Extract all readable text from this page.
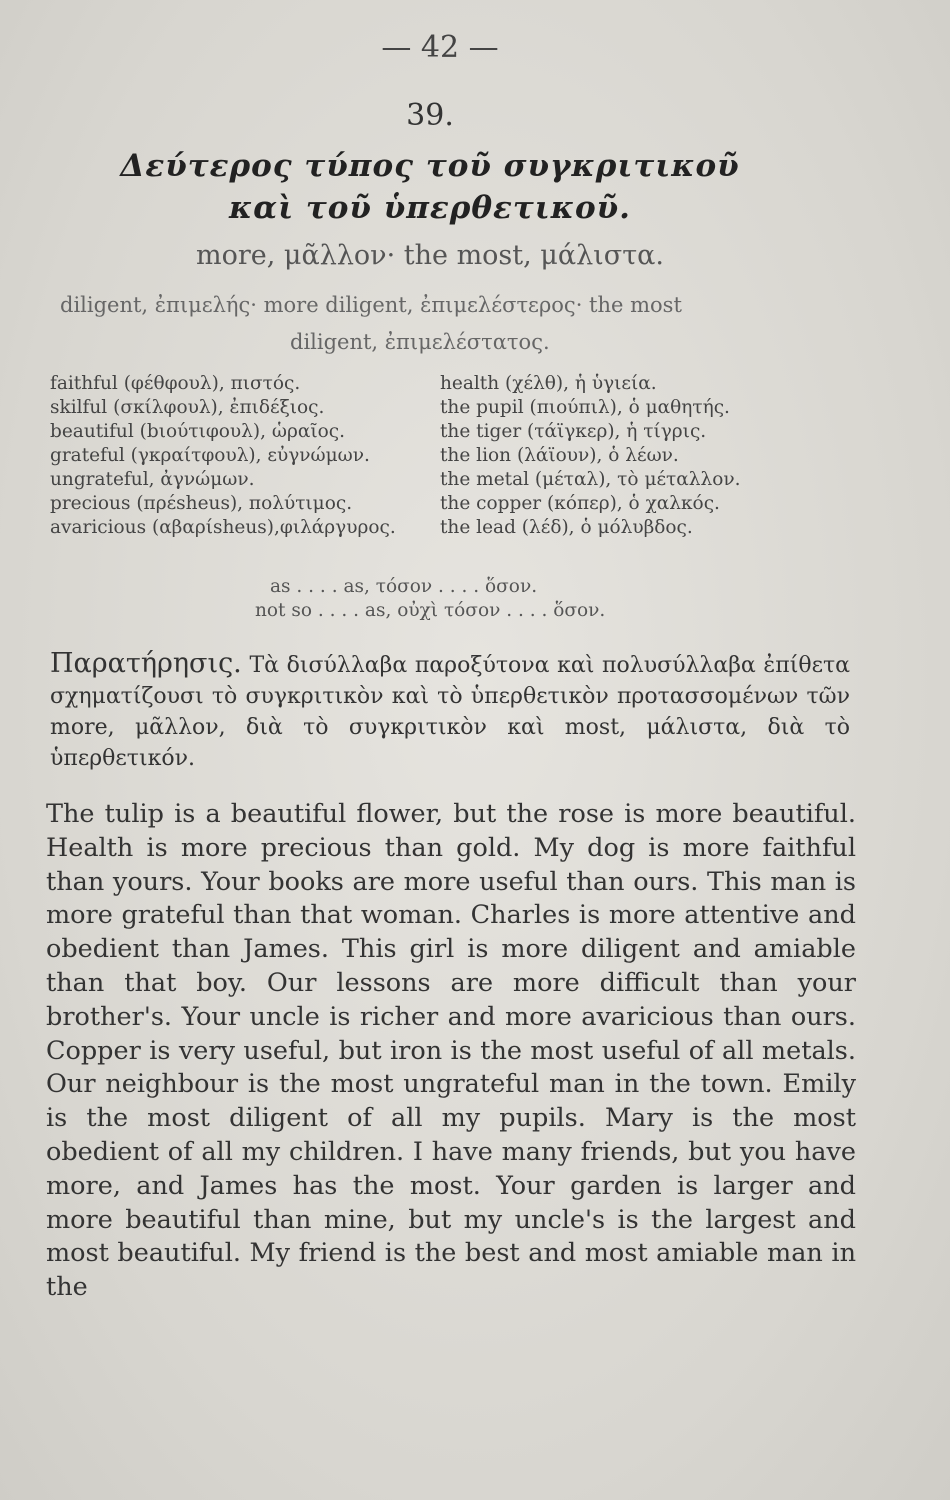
— 42 —
39.
Δεύτερος τύπος τοῦ συγκριτικοῦ
καὶ τοῦ ὑπερθετικοῦ.
more, μᾶλλον· the most, μάλιστα.
diligent, ἐπιμελής· more diligent, ἐπιμελέστερος· the most
diligent, ἐπιμελέστατος.
faithful (φέθφουλ), πιστός.
skilful (σκίλφουλ), ἐπιδέξιος.
beautiful (bιούτιφουλ), ὡραῖος.
grateful (γκραίτφουλ), εὐγνώμων.
ungrateful, ἀγνώμων.
precious (πρέsheus), πολύτιμος.
avaricious (αβαρίsheus),φιλάργυρος.
health (χέλθ), ἡ ὑγιεία.
the pupil (πιούπιλ), ὁ μαθητής.
the tiger (τάϊγκερ), ἡ τίγρις.
the lion (λάϊουν), ὁ λέων.
the metal (μέταλ), τὸ μέταλλον.
the copper (κόπερ), ὁ χαλκός.
the lead (λέδ), ὁ μόλυβδος.
as . . . . as, τόσον . . . . ὅσον.
not so . . . . as, οὐχὶ τόσον . . . . ὅσον.
Παρατήρησις. Τὰ δισύλλαβα παροξύτονα καὶ πολυσύλλαβα ἐπίθετα σχηματίζουσι τὸ συγκριτικὸν καὶ τὸ ὑπερθετικὸν προτασσομένων τῶν more, μᾶλλον, διὰ τὸ συγκριτικὸν καὶ most, μάλιστα, διὰ τὸ ὑπερθετικόν.
The tulip is a beautiful flower, but the rose is more beautiful. Health is more precious than gold. My dog is more faithful than yours. Your books are more useful than ours. This man is more grateful than that woman. Charles is more attentive and obedient than James. This girl is more diligent and amiable than that boy. Our lessons are more difficult than your brother's. Your uncle is richer and more avaricious than ours. Copper is very useful, but iron is the most useful of all metals. Our neighbour is the most ungrateful man in the town. Emily is the most diligent of all my pupils. Mary is the most obedient of all my children. I have many friends, but you have more, and James has the most. Your garden is larger and more beautiful than mine, but my uncle's is the largest and most beautiful. My friend is the best and most amiable man in the
